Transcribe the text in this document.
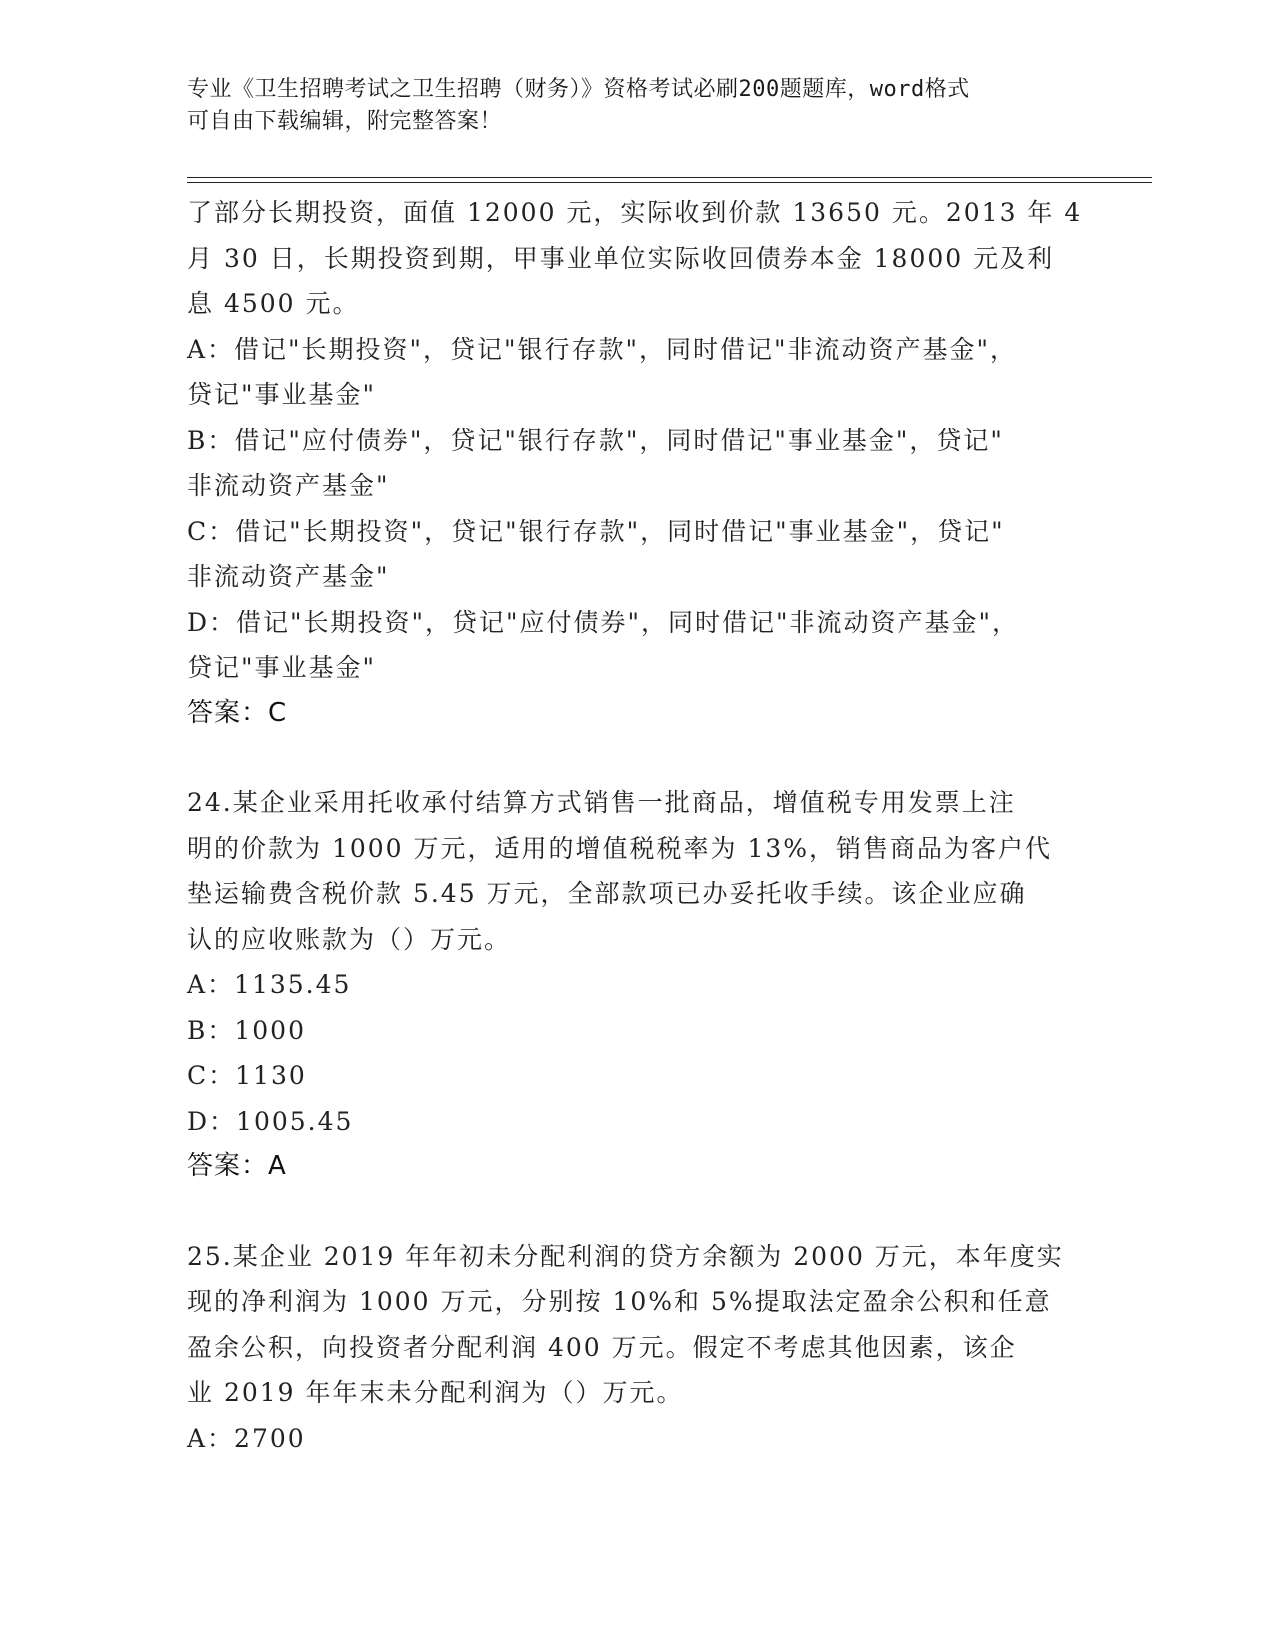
专业《卫生招聘考试之卫生招聘（财务）》资格考试必刷200题题库，word格式
可自由下载编辑，附完整答案！
了部分长期投资，面值 12000 元，实际收到价款 13650 元。2013 年 4
月 30 日，长期投资到期，甲事业单位实际收回债券本金 18000 元及利
息 4500 元。
A：借记"长期投资"，贷记"银行存款"，同时借记"非流动资产基金"，
贷记"事业基金"
B：借记"应付债券"，贷记"银行存款"，同时借记"事业基金"，贷记"
非流动资产基金"
C：借记"长期投资"，贷记"银行存款"，同时借记"事业基金"，贷记"
非流动资产基金"
D：借记"长期投资"，贷记"应付债券"，同时借记"非流动资产基金"，
贷记"事业基金"
答案：C
24.某企业采用托收承付结算方式销售一批商品，增值税专用发票上注
明的价款为 1000 万元，适用的增值税税率为 13%，销售商品为客户代
垫运输费含税价款 5.45 万元，全部款项已办妥托收手续。该企业应确
认的应收账款为（）万元。
A：1135.45
B：1000
C：1130
D：1005.45
答案：A
25.某企业 2019 年年初未分配利润的贷方余额为 2000 万元，本年度实
现的净利润为 1000 万元，分别按 10%和 5%提取法定盈余公积和任意
盈余公积，向投资者分配利润 400 万元。假定不考虑其他因素，该企
业 2019 年年末未分配利润为（）万元。
A：2700
